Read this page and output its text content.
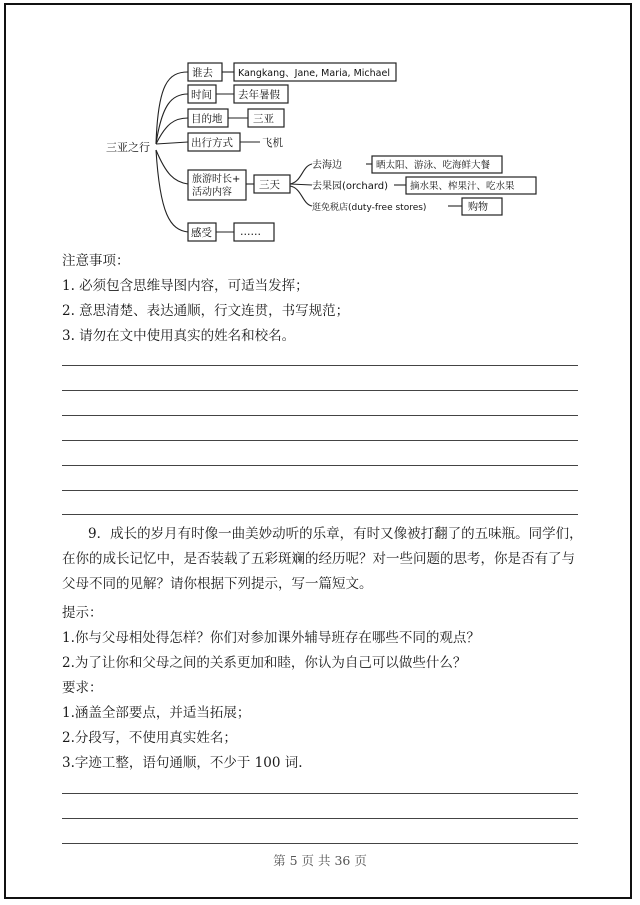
三亚之行
谁去	Kangkang、Jane, Maria, Michael
时间 去年暑假
目的地	三亚
出行方式	飞机
旅游时长+
活动内容
三天
去海边	晒太阳、游泳、吃海鲜大餐
去果园(orchard) 摘水果、榨果汁、吃水果
逛免税店(duty-free stores)	购物
感受	……
注意事项：
1. 必须包含思维导图内容，可适当发挥；
2. 意思清楚、表达通顺，行文连贯，书写规范；
3. 请勿在文中使用真实的姓名和校名。
9．成长的岁月有时像一曲美妙动听的乐章，有时又像被打翻了的五味瓶。同学们，在你的成长记忆中，是否装载了五彩斑斓的经历呢？对一些问题的思考，你是否有了与父母不同的见解？请你根据下列提示，写一篇短文。
提示：
1.你与父母相处得怎样？你们对参加课外辅导班存在哪些不同的观点？
2.为了让你和父母之间的关系更加和睦，你认为自己可以做些什么？
要求：
1.涵盖全部要点，并适当拓展；
2.分段写，不使用真实姓名；
3.字迹工整，语句通顺，不少于 100 词.
第 5 页 共 36 页
